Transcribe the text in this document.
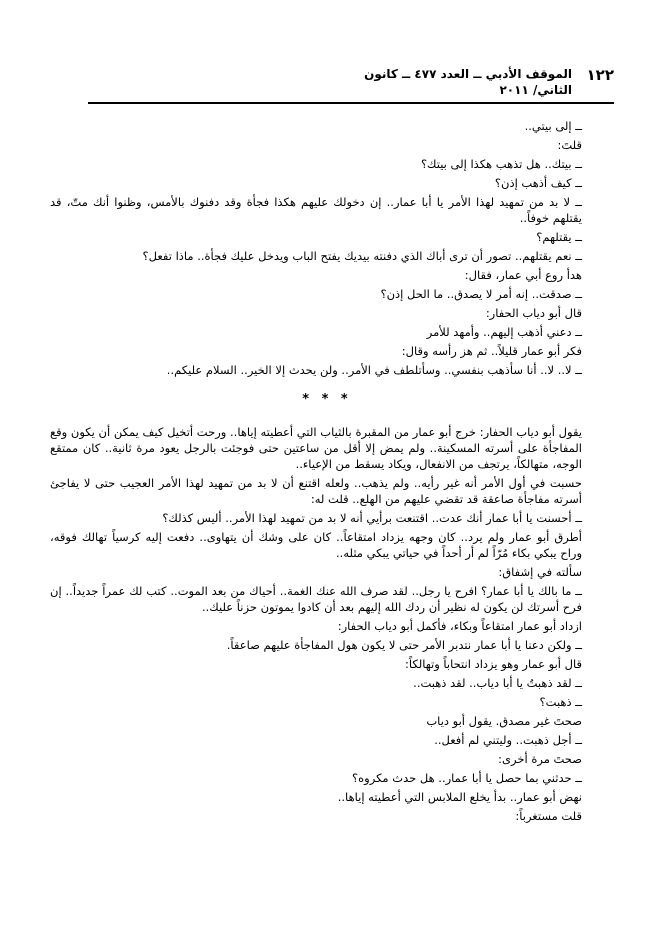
١٢٢
الموقف الأدبي ــ العدد ٤٧٧ ــ كانون الثاني/ ٢٠١١

ــ إلى بيتي..

قلتَ:

ــ بيتك.. هل تذهب هكذا إلى بيتك؟

ــ كيف أذهب إذن؟

ــ لا بد من تمهيد لهذا الأمر يا أبا عمار.. إن دخولك عليهم هكذا فجأة وقد دفنوك بالأمس، وظنوا أنك متّ، قد يقتلهم خوفاً..

ــ يقتلهم؟

ــ نعم يقتلهم.. تصور أن ترى أباك الذي دفنته بيديك يفتح الباب ويدخل عليك فجأة.. ماذا تفعل؟

هدأ روع أبي عمار، فقال:

ــ صدقت.. إنه أمر لا يصدق.. ما الحل إذن؟

قال أبو دياب الحفار:

ــ دعني أذهب إليهم.. وأمهد للأمر

فكر أبو عمار قليلاً.. ثم هز رأسه وقال:

ــ لا.. لا.. أنا سأذهب بنفسي.. وسأتلطف في الأمر.. ولن يحدث إلا الخير.. السلام عليكم..

* * *

يقول أبو دياب الحفار: خرج أبو عمار من المقبرة بالثياب التي أعطيته إياها.. ورحت أتخيل كيف يمكن أن يكون وقع المفاجأة على أسرته المسكينة.. ولم يمض إلا أقل من ساعتين حتى فوجئت بالرجل يعود مرة ثانية.. كان ممتقع الوجه، متهالكاً، يرتجف من الانفعال، ويكاد يسقط من الإعياء..

حسبت في أول الأمر أنه غير رأيه.. ولم يذهب.. ولعله اقتنع أن لا بد من تمهيد لهذا الأمر العجيب حتى لا يفاجئ أسرته مفاجأة صاعقة قد تقضي عليهم من الهلع.. قلت له:

ــ أحسنت يا أبا عمار أنك عدت.. اقتنعت برأيي أنه لا بد من تمهيد لهذا الأمر.. أليس كذلك؟

أطرق أبو عمار ولم يرد.. كان وجهه يزداد امتقاعاً.. كان على وشك أن يتهاوى.. دفعت إليه كرسياً تهالك فوقه، وراح يبكي بكاء مُرّاً لم أر أحداً في حياتي يبكي مثله..

سألته في إشفاق:

ــ ما بالك يا أبا عمار؟ افرح يا رجل.. لقد صرف الله عنك الغمة.. أحياك من بعد الموت.. كتب لك عمراً جديداً.. إن فرح أسرتك لن يكون له نظير أن ردك الله إليهم بعد أن كادوا يموتون حزناً عليك..

ازداد أبو عمار امتقاعاً وبكاء، فأكمل أبو دياب الحفار:

ــ ولكن دعنا يا أبا عمار نتدبر الأمر حتى لا يكون هول المفاجأة عليهم صاعقاً.

قال أبو عمار وهو يزداد انتحاباً وتهالكاً:

ــ لقد ذهبتُ يا أبا دياب.. لقد ذهبت..

ــ ذهبت؟

صحتَ غير مصدق. يقول أبو دياب

ــ أجل ذهبت.. وليتني لم أفعل..

صحتَ مرة أخرى:

ــ حدثني بما حصل يا أبا عمار.. هل حدث مكروه؟

نهض أبو عمار.. بدأ يخلع الملابس التي أعطيته إياها..

قلت مستغرباً:
